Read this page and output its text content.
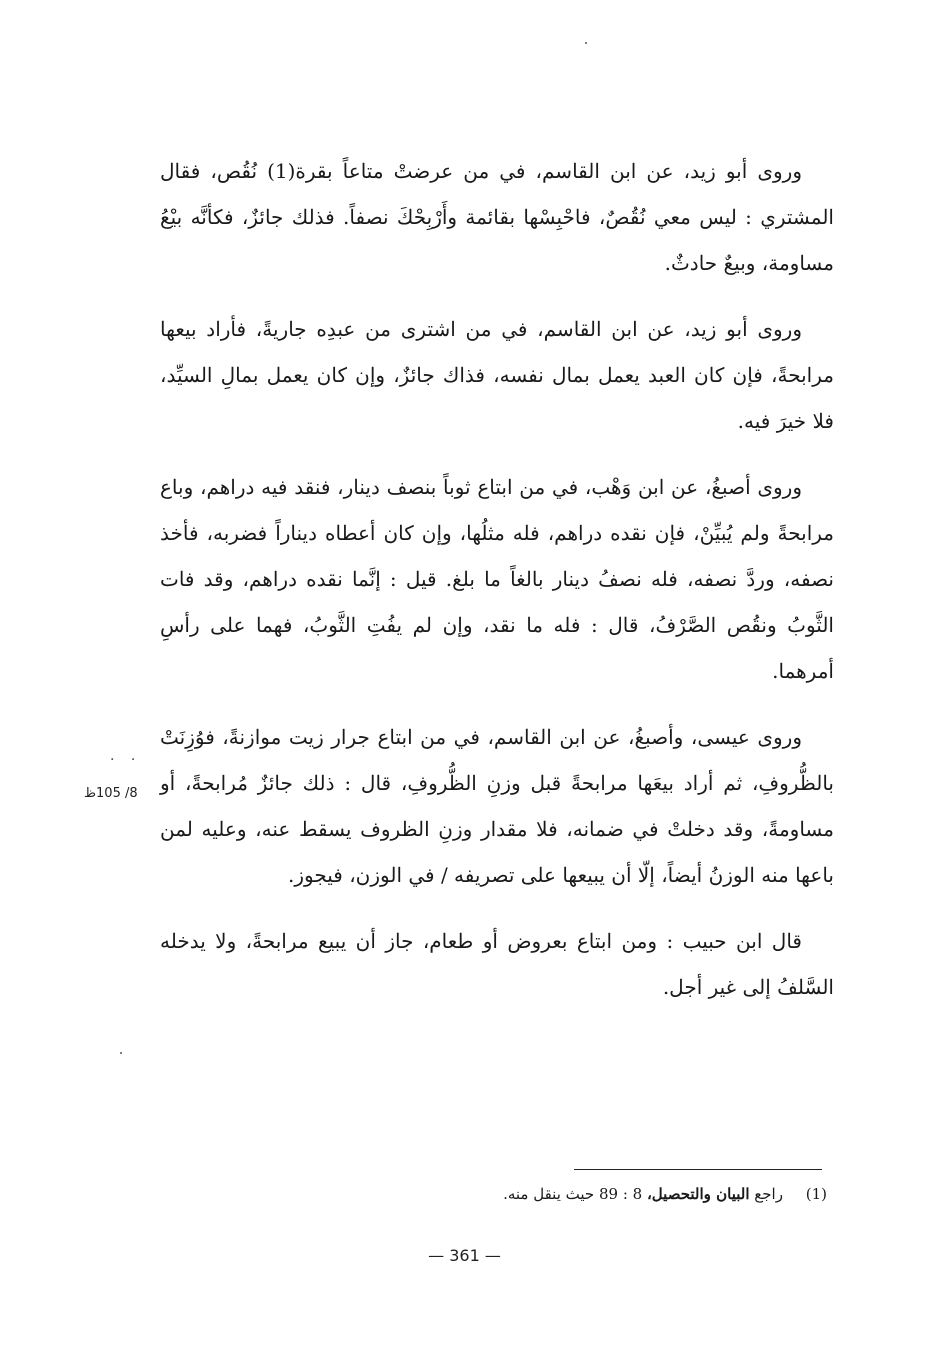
وروى أبو زيد، عن ابن القاسم، في من عرضتْ متاعاً بقرة(1) نُقُص، فقال المشتري : ليس معي نُقُصٌ، فاحْبِسْها بقائمة وأَرْبِحْكَ نصفاً. فذلك جائزٌ، فكأنَّه بيْعُ مساومة، وبيعٌ حادثٌ.

وروى أبو زيد، عن ابن القاسم، في من اشترى من عبدِه جاريةً، فأراد بيعها مرابحةً، فإن كان العبد يعمل بمال نفسه، فذاك جائزٌ، وإن كان يعمل بمالِ السيِّد، فلا خيرَ فيه.

وروى أصبغُ، عن ابن وَهْب، في من ابتاع ثوباً بنصف دينار، فنقد فيه دراهم، وباع مرابحةً ولم يُبيِّنْ، فإن نقده دراهم، فله مثلُها، وإن كان أعطاه ديناراً فضربه، فأخذ نصفه، وردَّ نصفه، فله نصفُ دينار بالغاً ما بلغ. قيل : إنَّما نقده دراهم، وقد فات الثَّوبُ ونقُص الصَّرْفُ، قال : فله ما نقد، وإن لم يفُتِ الثَّوبُ، فهما على رأسِ أمرهما.

وروى عيسى، وأصبغُ، عن ابن القاسم، في من ابتاع جرار زيت موازنةً، فوُزِنَتْ بالظُّروفِ، ثم أراد بيعَها مرابحةً قبل وزنِ الظُّروفِ، قال : ذلك جائزٌ مُرابحةً، أو مساومةً، وقد دخلتْ في ضمانه، فلا مقدار وزنِ الظروف يسقط عنه، وعليه لمن باعها منه الوزنُ أيضاً، إلّا أن يبيعها على تصريفه / في الوزن، فيجوز.

قال ابن حبيب : ومن ابتاع بعروض أو طعام، جاز أن يبيع مرابحةً، ولا يدخله السَّلفُ إلى غير أجل.

. .
8/ 105ظ
(1) راجع البيان والتحصيل، 8 : 89 حيث ينقل منه.
— 361 —
